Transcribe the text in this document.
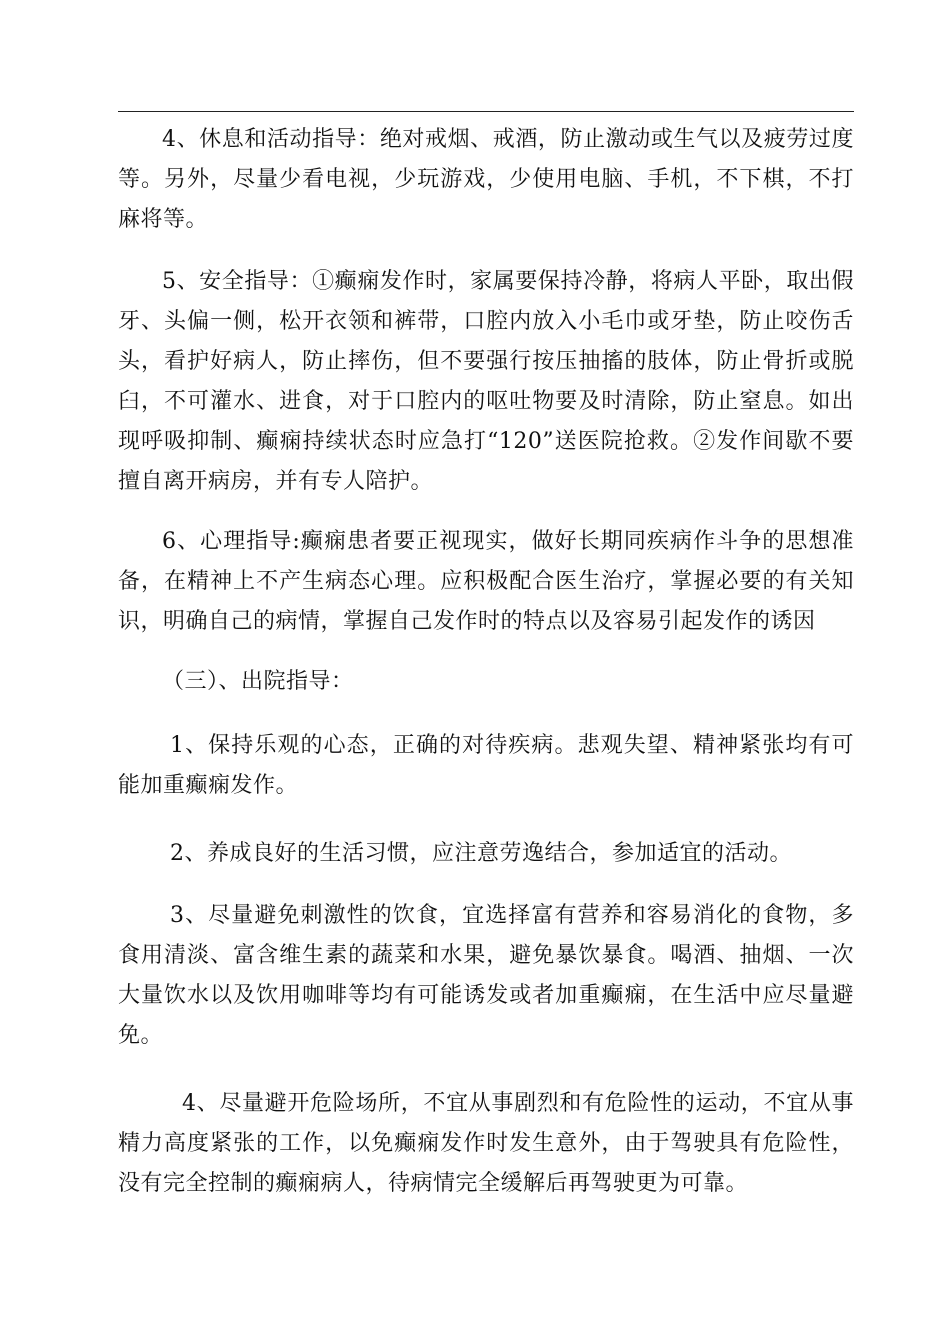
4、休息和活动指导：绝对戒烟、戒酒，防止激动或生气以及疲劳过度等。另外，尽量少看电视，少玩游戏，少使用电脑、手机，不下棋，不打麻将等。

5、安全指导：①癫痫发作时，家属要保持冷静，将病人平卧，取出假牙、头偏一侧，松开衣领和裤带，口腔内放入小毛巾或牙垫，防止咬伤舌头，看护好病人，防止摔伤，但不要强行按压抽搐的肢体，防止骨折或脱臼，不可灌水、进食，对于口腔内的呕吐物要及时清除，防止窒息。如出现呼吸抑制、癫痫持续状态时应急打“120”送医院抢救。②发作间歇不要擅自离开病房，并有专人陪护。

6、心理指导:癫痫患者要正视现实，做好长期同疾病作斗争的思想准备，在精神上不产生病态心理。应积极配合医生治疗，掌握必要的有关知识，明确自己的病情，掌握自己发作时的特点以及容易引起发作的诱因

（三）、出院指导：

1、保持乐观的心态，正确的对待疾病。悲观失望、精神紧张均有可能加重癫痫发作。

2、养成良好的生活习惯，应注意劳逸结合，参加适宜的活动。

3、尽量避免刺激性的饮食，宜选择富有营养和容易消化的食物，多食用清淡、富含维生素的蔬菜和水果，避免暴饮暴食。喝酒、抽烟、一次大量饮水以及饮用咖啡等均有可能诱发或者加重癫痫，在生活中应尽量避免。

4、尽量避开危险场所，不宜从事剧烈和有危险性的运动，不宜从事精力高度紧张的工作，以免癫痫发作时发生意外，由于驾驶具有危险性，没有完全控制的癫痫病人，待病情完全缓解后再驾驶更为可靠。
